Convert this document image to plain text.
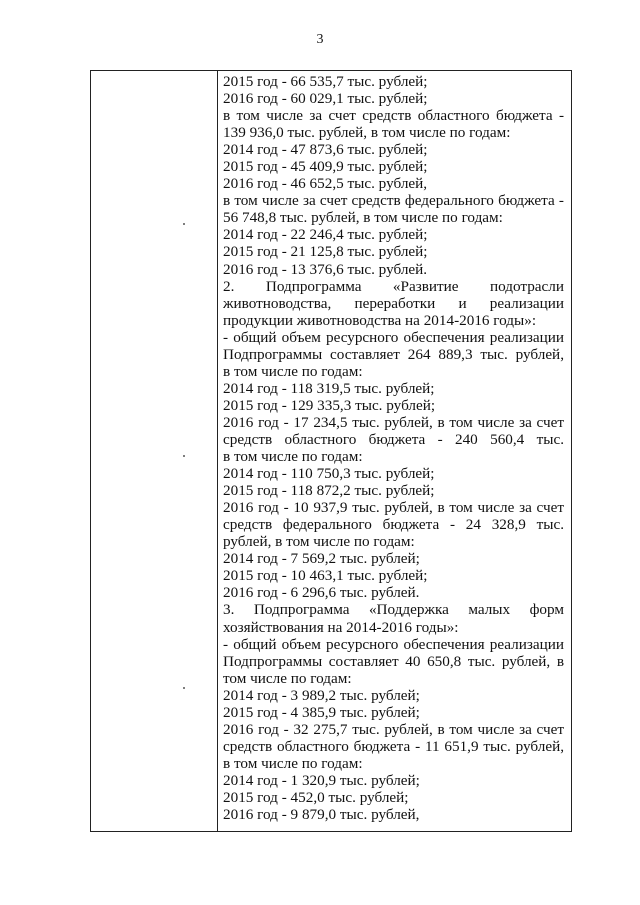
3
2015 год - 66 535,7 тыс. рублей;
2016 год - 60 029,1 тыс. рублей;
в том числе за счет средств областного бюджета -
139 936,0 тыс. рублей, в том числе по годам:
2014 год - 47 873,6 тыс. рублей;
2015 год - 45 409,9 тыс. рублей;
2016 год - 46 652,5 тыс. рублей,
в том числе за счет средств федерального бюджета -
56 748,8 тыс. рублей, в том числе по годам:
2014 год - 22 246,4 тыс. рублей;
2015 год - 21 125,8 тыс. рублей;
2016 год - 13 376,6 тыс. рублей.
2. Подпрограмма «Развитие подотрасли
животноводства, переработки и реализации
продукции животноводства на 2014-2016 годы»:
- общий объем ресурсного обеспечения реализации
Подпрограммы составляет 264 889,3 тыс. рублей,
в том числе по годам:
2014 год - 118 319,5 тыс. рублей;
2015 год - 129 335,3 тыс. рублей;
2016 год - 17 234,5 тыс. рублей, в том числе за счет
средств областного бюджета - 240 560,4 тыс.
в том числе по годам:
2014 год - 110 750,3 тыс. рублей;
2015 год - 118 872,2 тыс. рублей;
2016 год - 10 937,9 тыс. рублей, в том числе за счет
средств федерального бюджета - 24 328,9 тыс.
рублей, в том числе по годам:
2014 год - 7 569,2 тыс. рублей;
2015 год - 10 463,1 тыс. рублей;
2016 год - 6 296,6 тыс. рублей.
3. Подпрограмма «Поддержка малых форм
хозяйствования на 2014-2016 годы»:
- общий объем ресурсного обеспечения реализации
Подпрограммы составляет 40 650,8 тыс. рублей, в
том числе по годам:
2014 год - 3 989,2 тыс. рублей;
2015 год - 4 385,9 тыс. рублей;
2016 год - 32 275,7 тыс. рублей, в том числе за счет
средств областного бюджета - 11 651,9 тыс. рублей,
в том числе по годам:
2014 год - 1 320,9 тыс. рублей;
2015 год - 452,0 тыс. рублей;
2016 год - 9 879,0 тыс. рублей,
